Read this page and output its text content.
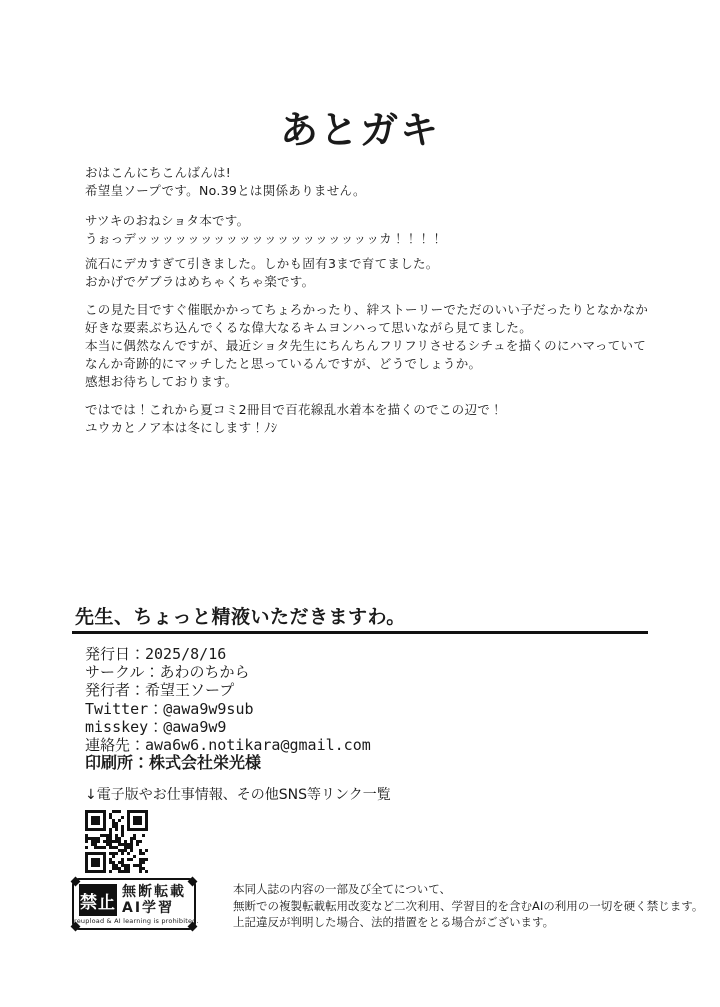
あとガキ
おはこんにちこんばんは!
希望皇ソープです。No.39とは関係ありません。
サツキのおねショタ本です。
うぉっデッッッッッッッッッッッッッッッッッッッカ！！！！
流石にデカすぎて引きました。しかも固有3まで育てました。
おかげでゲブラはめちゃくちゃ楽です。
この見た目ですぐ催眠かかってちょろかったり、絆ストーリーでただのいい子だったりとなかなか
好きな要素ぶち込んでくるな偉大なるキムヨンハって思いながら見てました。
本当に偶然なんですが、最近ショタ先生にちんちんフリフリさせるシチュを描くのにハマっていて
なんか奇跡的にマッチしたと思っているんですが、どうでしょうか。
感想お待ちしております。
ではでは！これから夏コミ2冊目で百花線乱水着本を描くのでこの辺で！
ユウカとノア本は冬にします！ﾉｼ
先生、ちょっと精液いただきますわ。
発行日：2025/8/16
サークル：あわのちから
発行者：希望王ソープ
Twitter：@awa9w9sub
misskey：@awa9w9
連絡先：awa6w6.notikara@gmail.com
印刷所：株式会社栄光様
↓電子版やお仕事情報、その他SNS等リンク一覧
禁止
無断転載
AI学習
reupload & AI learning is prohibited.
本同人誌の内容の一部及び全てについて、
無断での複製転載転用改変など二次利用、学習目的を含むAIの利用の一切を硬く禁じます。
上記違反が判明した場合、法的措置をとる場合がございます。
